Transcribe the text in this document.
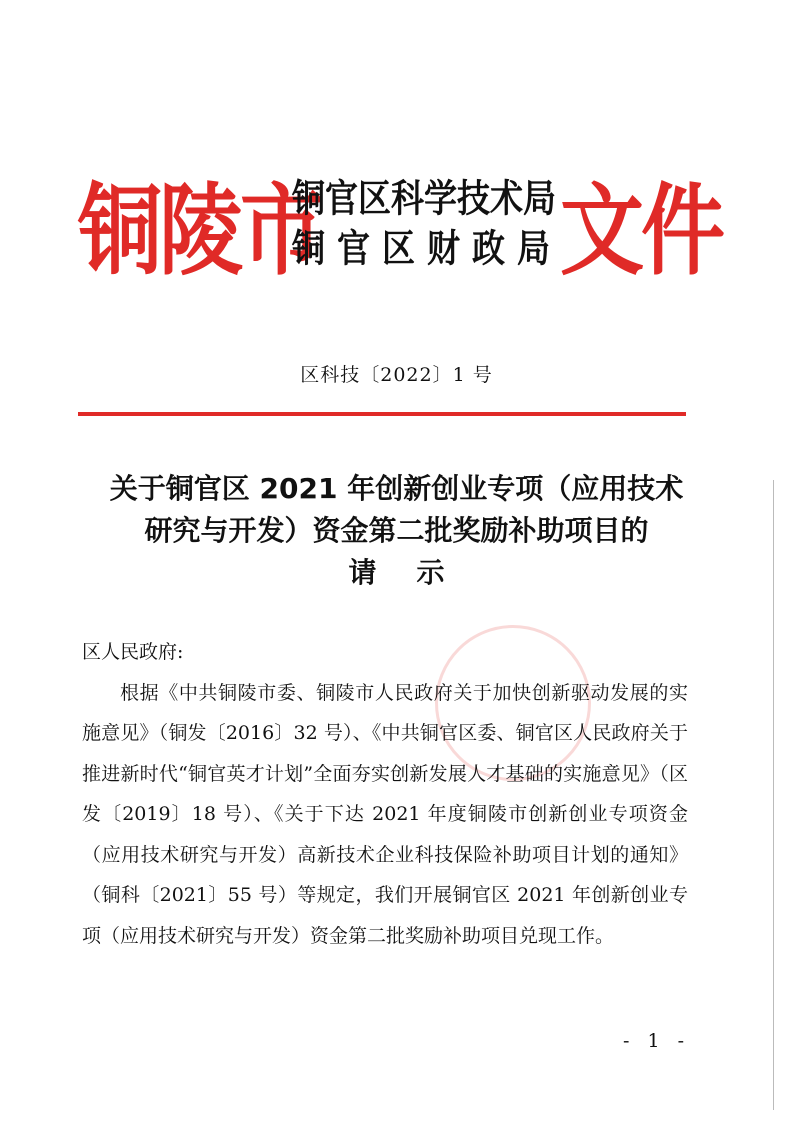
铜陵市
铜官区科学技术局
铜官区财政局
文件
区科技〔2022〕1 号
关于铜官区 2021 年创新创业专项（应用技术
研究与开发）资金第二批奖励补助项目的
请示

区人民政府:

根据《中共铜陵市委、铜陵市人民政府关于加快创新驱动发展的实施意见》（铜发〔2016〕32 号）、《中共铜官区委、铜官区人民政府关于推进新时代“铜官英才计划”全面夯实创新发展人才基础的实施意见》（区发〔2019〕18 号）、《关于下达 2021 年度铜陵市创新创业专项资金（应用技术研究与开发）高新技术企业科技保险补助项目计划的通知》（铜科〔2021〕55 号）等规定，我们开展铜官区 2021 年创新创业专项（应用技术研究与开发）资金第二批奖励补助项目兑现工作。

- 1 -
